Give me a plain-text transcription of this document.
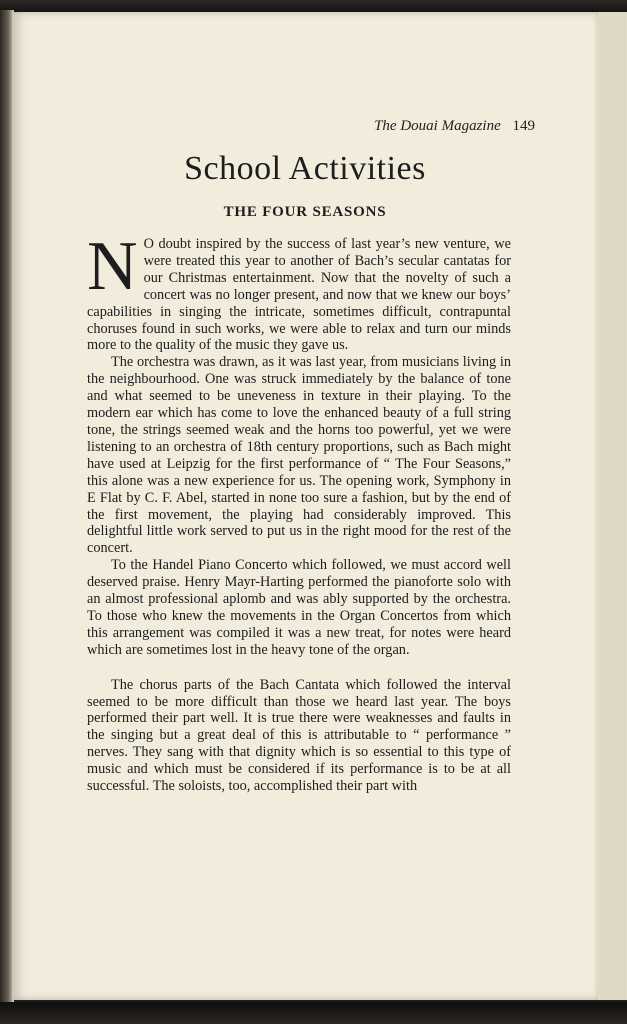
The Douai Magazine 149
School Activities
THE FOUR SEASONS

N O doubt inspired by the success of last year’s new venture, we were treated this year to another of Bach’s secular cantatas for our Christmas entertainment. Now that the novelty of such a concert was no longer present, and now that we knew our boys’ capabilities in singing the intricate, sometimes difficult, contrapuntal choruses found in such works, we were able to relax and turn our minds more to the quality of the music they gave us.

The orchestra was drawn, as it was last year, from musicians living in the neighbourhood. One was struck immediately by the balance of tone and what seemed to be uneveness in texture in their playing. To the modern ear which has come to love the enhanced beauty of a full string tone, the strings seemed weak and the horns too powerful, yet we were listening to an orchestra of 18th century proportions, such as Bach might have used at Leipzig for the first performance of “ The Four Seasons,” this alone was a new experience for us. The opening work, Symphony in E Flat by C. F. Abel, started in none too sure a fashion, but by the end of the first movement, the playing had considerably improved. This delightful little work served to put us in the right mood for the rest of the concert.

To the Handel Piano Concerto which followed, we must accord well deserved praise. Henry Mayr-Harting performed the pianoforte solo with an almost professional aplomb and was ably supported by the orchestra. To those who knew the movements in the Organ Concertos from which this arrangement was compiled it was a new treat, for notes were heard which are sometimes lost in the heavy tone of the organ.

The chorus parts of the Bach Cantata which followed the interval seemed to be more difficult than those we heard last year. The boys performed their part well. It is true there were weaknesses and faults in the singing but a great deal of this is attributable to “ performance ” nerves. They sang with that dignity which is so essential to this type of music and which must be considered if its performance is to be at all successful. The soloists, too, accomplished their part with
